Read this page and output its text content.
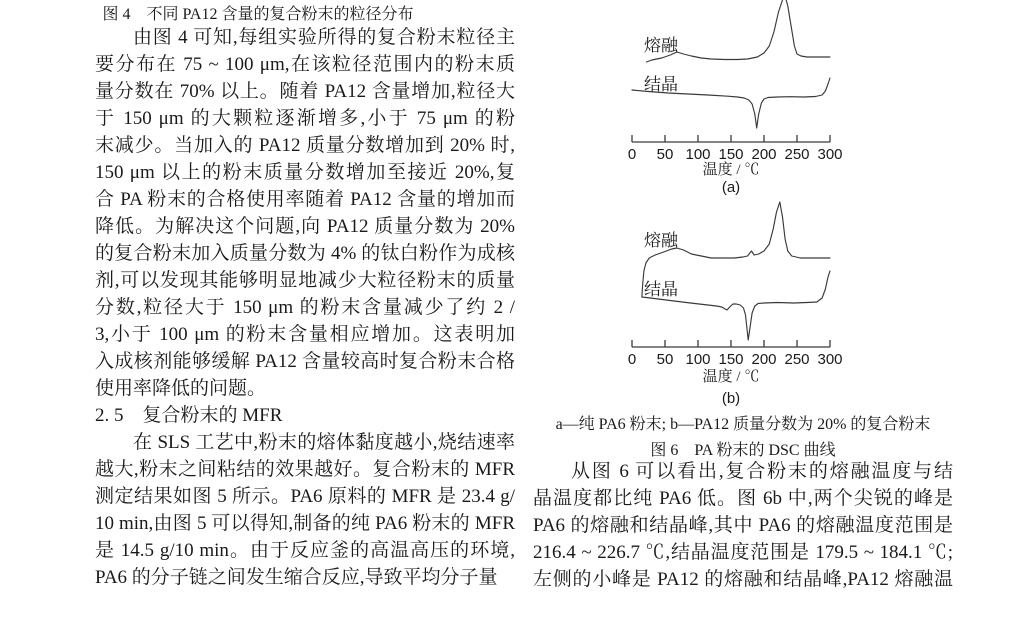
图 4　不同 PA12 含量的复合粉末的粒径分布
由图 4 可知,每组实验所得的复合粉末粒径主
要分布在 75 ~ 100 μm,在该粒径范围内的粉末质
量分数在 70% 以上。随着 PA12 含量增加,粒径大
于 150 μm 的大颗粒逐渐增多,小于 75 μm 的粉
末减少。当加入的 PA12 质量分数增加到 20% 时,
150 μm 以上的粉末质量分数增加至接近 20%,复
合 PA 粉末的合格使用率随着 PA12 含量的增加而
降低。为解决这个问题,向 PA12 质量分数为 20%
的复合粉末加入质量分数为 4% 的钛白粉作为成核
剂,可以发现其能够明显地减少大粒径粉末的质量
分数,粒径大于 150 μm 的粉末含量减少了约 2 /
3,小于 100 μm 的粉末含量相应增加。这表明加
入成核剂能够缓解 PA12 含量较高时复合粉末合格
使用率降低的问题。
2. 5　复合粉末的 MFR
在 SLS 工艺中,粉末的熔体黏度越小,烧结速率
越大,粉末之间粘结的效果越好。复合粉末的 MFR
测定结果如图 5 所示。PA6 原料的 MFR 是 23.4 g/
10 min,由图 5 可以得知,制备的纯 PA6 粉末的 MFR
是 14.5 g/10 min。由于反应釜的高温高压的环境,
PA6 的分子链之间发生缩合反应,导致平均分子量
0 50 100 150 200 250 300
温度 / ℃
(a)
熔融
结晶
0 50 100 150 200 250 300
温度 / ℃
(b)
熔融
结晶
a—纯 PA6 粉末; b—PA12 质量分数为 20% 的复合粉末
图 6　PA 粉末的 DSC 曲线
从图 6 可以看出,复合粉末的熔融温度与结
晶温度都比纯 PA6 低。图 6b 中,两个尖锐的峰是
PA6 的熔融和结晶峰,其中 PA6 的熔融温度范围是
216.4 ~ 226.7 ℃,结晶温度范围是 179.5 ~ 184.1 ℃;
左侧的小峰是 PA12 的熔融和结晶峰,PA12 熔融温
